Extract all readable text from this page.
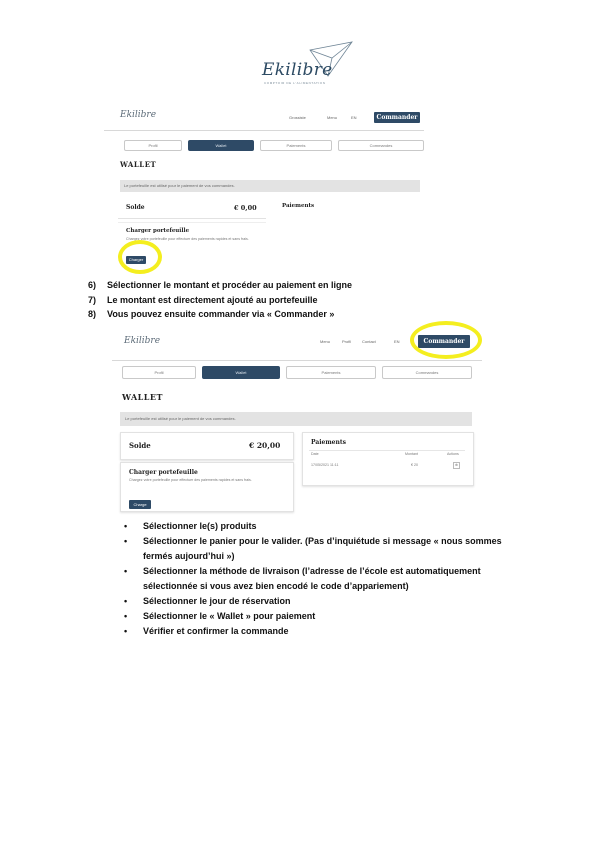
Ekilibre
COMPTOIR DE L'ALIMENTATION
Ekilibre	Grossiste	Menu	EN	Commander
Profil	Wallet	Paiements	Commandes
WALLET
Le portefeuille est utilisé pour le paiement de vos commandes.
Solde	€ 0,00	Paiements
Charger portefeuille
Chargez votre portefeuille pour effectuer des paiements rapides et sans frais.
Charger
6) Sélectionner le montant et procéder au paiement en ligne
7) Le montant est directement ajouté au portefeuille
8) Vous pouvez ensuite commander via « Commander »
Ekilibre	Menu	Profil	Contact	EN	Commander
Profil	Wallet	Paiements	Commandes
WALLET
Le portefeuille est utilisé pour le paiement de vos commandes.
Solde	€ 20,00	Paiements
Date	Montant	Actions
17/05/2021 11:11	€ 20	⊕
Charger portefeuille
Chargez votre portefeuille pour effectuer des paiements rapides et sans frais.
Charge
• Sélectionner le(s) produits
• Sélectionner le panier pour le valider. (Pas d’inquiétude si message « nous sommes fermés aujourd’hui »)
• Sélectionner la méthode de livraison (l’adresse de l’école est automatiquement sélectionnée si vous avez bien encodé le code d’appariement)
• Sélectionner le jour de réservation
• Sélectionner le « Wallet » pour paiement
• Vérifier et confirmer la commande
